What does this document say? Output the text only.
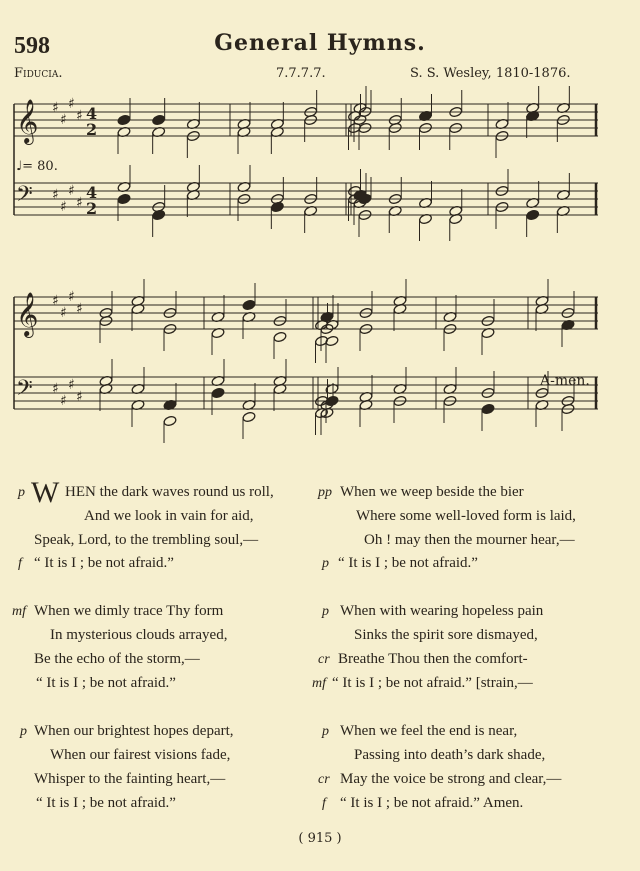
598	General Hymns.
Fiducia.	7.7.7.7.	S. S. Wesley, 1810-1876.
𝄞 ♯
♯
♯
♯ 4
2
𝄢 ♯
♯
♯
♯
4
2
𝄞 ♯
♯
♯
♯
𝄢 ♯
♯
♯
♯
♩= 80.
A-men.
p W HEN the dark waves round us roll,
And we look in vain for aid,
Speak, Lord, to the trembling soul,—
f “ It is I ; be not afraid.”
mf When we dimly trace Thy form
In mysterious clouds arrayed,
Be the echo of the storm,—
“ It is I ; be not afraid.”
p When our brightest hopes depart,
When our fairest visions fade,
Whisper to the fainting heart,—
“ It is I ; be not afraid.”
pp When we weep beside the bier
Where some well-loved form is laid,
Oh ! may then the mourner hear,—
p “ It is I ; be not afraid.”
p When with wearing hopeless pain
Sinks the spirit sore dismayed,
cr Breathe Thou then the comfort-
mf “ It is I ; be not afraid.” [strain,—
p When we feel the end is near,
Passing into death’s dark shade,
cr May the voice be strong and clear,—
f “ It is I ; be not afraid.” Amen.
( 915 )
